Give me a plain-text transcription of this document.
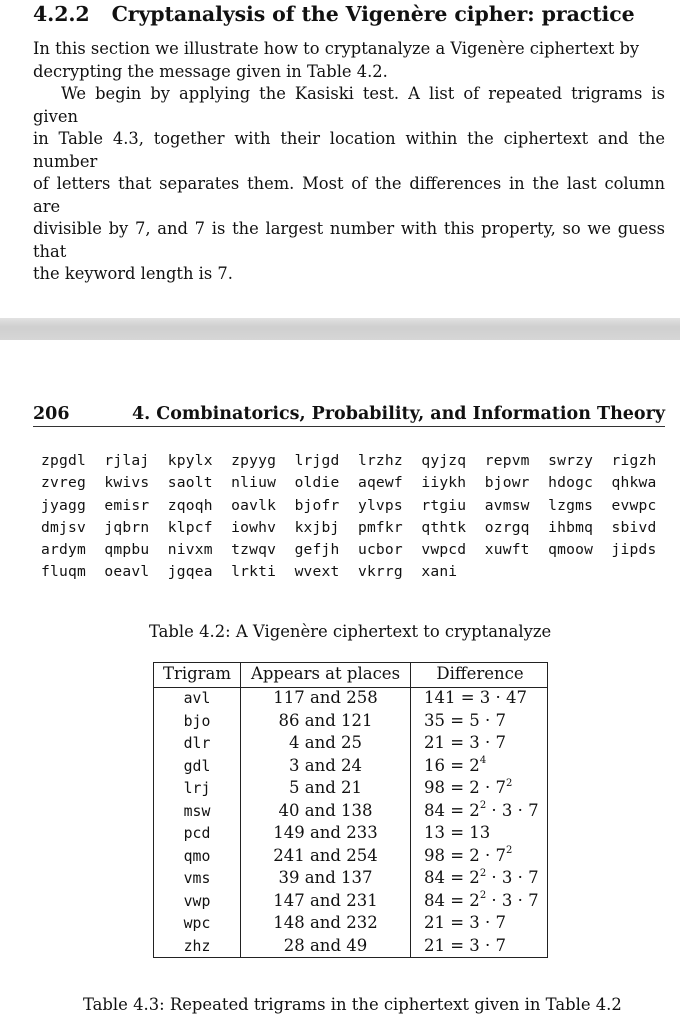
4.2.2 Cryptanalysis of the Vigenère cipher: practice
In this section we illustrate how to cryptanalyze a Vigenère ciphertext by
decrypting the message given in Table 4.2.
We begin by applying the Kasiski test. A list of repeated trigrams is given
in Table 4.3, together with their location within the ciphertext and the number
of letters that separates them. Most of the differences in the last column are
divisible by 7, and 7 is the largest number with this property, so we guess that
the keyword length is 7.
206	4. Combinatorics, Probability, and Information Theory
zpgdl rjlaj kpylx zpyyg lrjgd lrzhz qyjzq repvm swrzy rigzh
zvreg kwivs saolt nliuw oldie aqewf iiykh bjowr hdogc qhkwa
jyagg emisr zqoqh oavlk bjofr ylvps rtgiu avmsw lzgms evwpc
dmjsv jqbrn klpcf iowhv kxjbj pmfkr qthtk ozrgq ihbmq sbivd
ardym qmpbu nivxm tzwqv gefjh ucbor vwpcd xuwft qmoow jipds
fluqm oeavl jgqea lrkti wvext vkrrg xani
Table 4.2: A Vigenère ciphertext to cryptanalyze
Trigram	Appears at places	Difference
avl	117 and 258	141 = 3 · 47
bjo	86 and 121	35 = 5 · 7
dlr	4 and 25	21 = 3 · 7
gdl	3 and 24	$16 = 2^4$
lrj	5 and 21	$98 = 2 \cdot 7^2$
msw	40 and 138	$84 = 2^2 \cdot 3 \cdot 7$
pcd	149 and 233	13 = 13
qmo	241 and 254	$98 = 2 \cdot 7^2$
vms	39 and 137	$84 = 2^2 \cdot 3 \cdot 7$
vwp	147 and 231	$84 = 2^2 \cdot 3 \cdot 7$
wpc	148 and 232	21 = 3 · 7
zhz	28 and 49	21 = 3 · 7
Table 4.3: Repeated trigrams in the ciphertext given in Table 4.2
